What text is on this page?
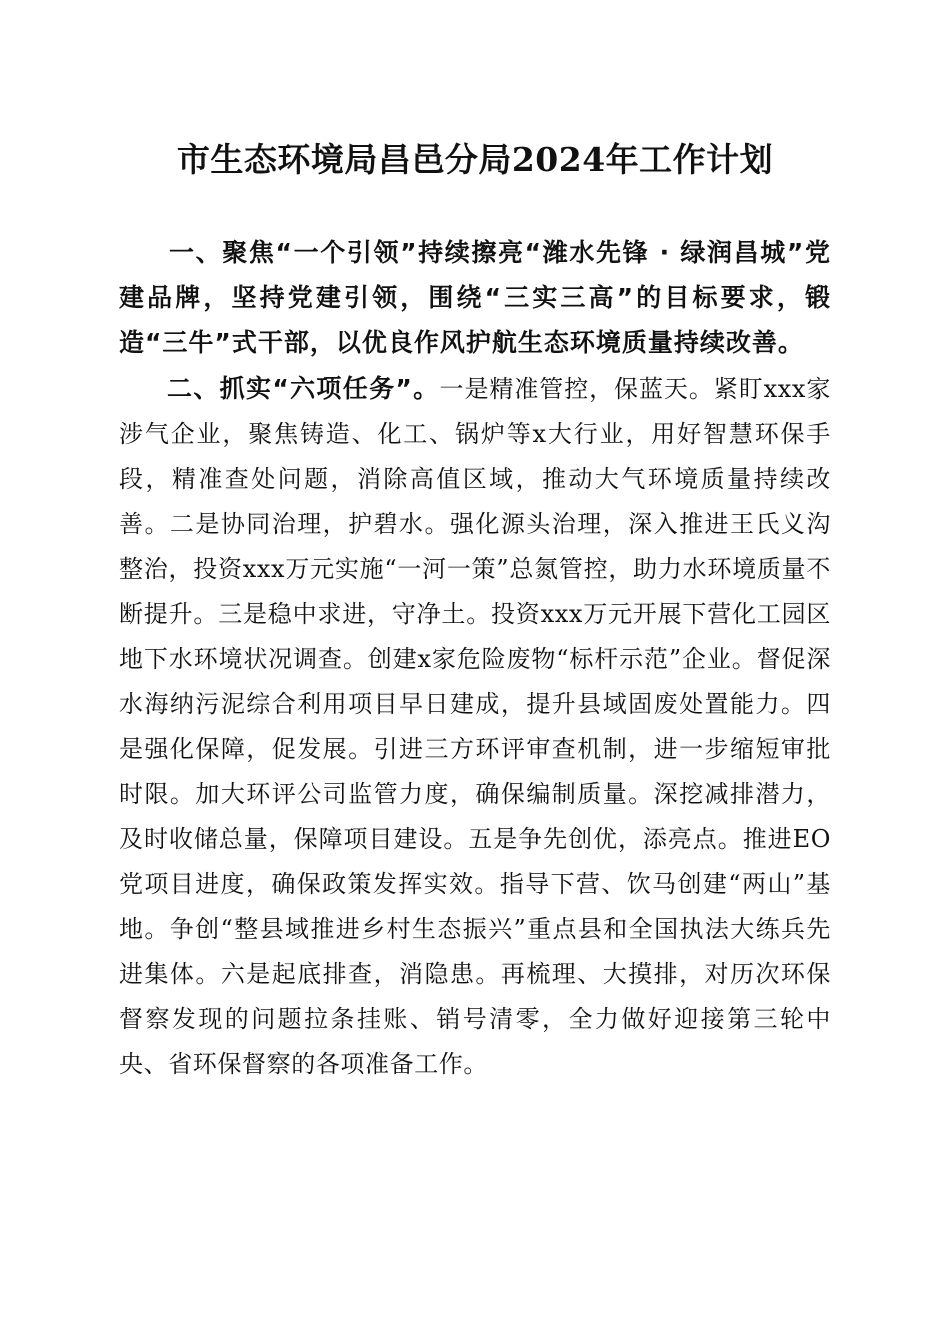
市生态环境局昌邑分局2024年工作计划

一、聚焦“一个引领”持续擦亮“潍水先锋 · 绿润昌城”党建品牌，坚持党建引领，围绕“三实三高”的目标要求，锻造“三牛”式干部，以优良作风护航生态环境质量持续改善。

二、抓实“六项任务”。一是精准管控，保蓝天。紧盯xxx家涉气企业，聚焦铸造、化工、锅炉等x大行业，用好智慧环保手段，精准查处问题，消除高值区域，推动大气环境质量持续改善。二是协同治理，护碧水。强化源头治理，深入推进王氏义沟整治，投资xxx万元实施“一河一策”总氮管控，助力水环境质量不断提升。三是稳中求进，守净土。投资xxx万元开展下营化工园区地下水环境状况调查。创建x家危险废物“标杆示范”企业。督促深水海纳污泥综合利用项目早日建成，提升县域固废处置能力。四是强化保障，促发展。引进三方环评审查机制，进一步缩短审批时限。加大环评公司监管力度，确保编制质量。深挖减排潜力，及时收储总量，保障项目建设。五是争先创优，添亮点。推进EO党项目进度，确保政策发挥实效。指导下营、饮马创建“两山”基地。争创“整县域推进乡村生态振兴”重点县和全国执法大练兵先进集体。六是起底排查，消隐患。再梳理、大摸排，对历次环保督察发现的问题拉条挂账、销号清零，全力做好迎接第三轮中央、省环保督察的各项准备工作。
